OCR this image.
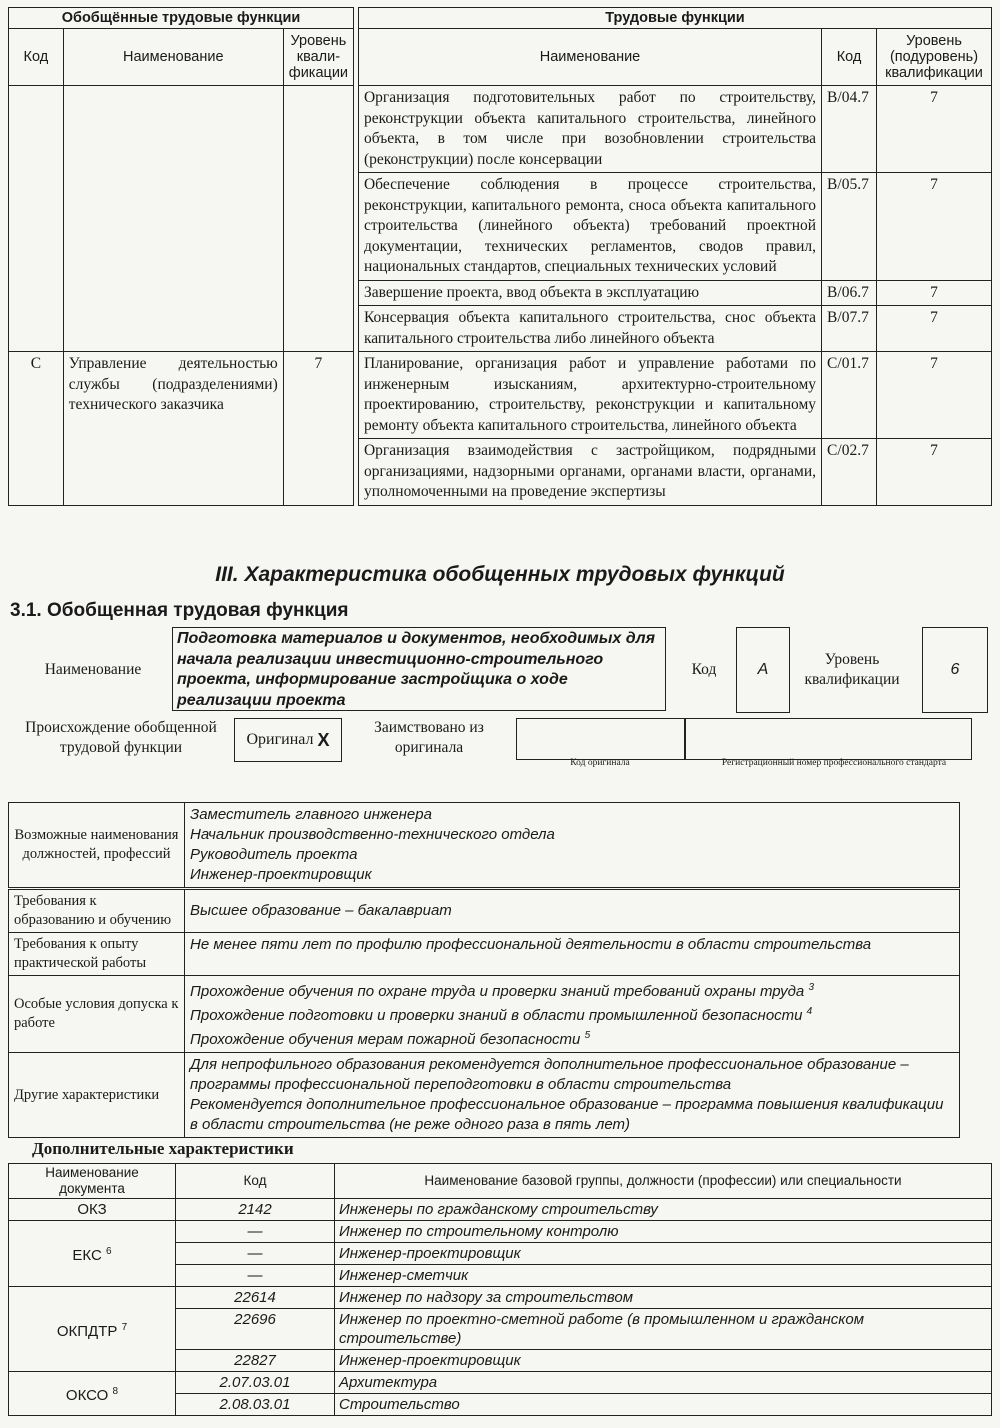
Обобщённые трудовые функции				Трудовые функции		
Код	Наименование	Уровень квали-фикации		Наименование	Код	Уровень (подуровень) квалификации
				Организация подготовительных работ по строительству, реконструкции объекта капитального строительства, линейного объекта, в том числе при возобновлении строительства (реконструкции) после консервации	B/04.7	7
				Обеспечение соблюдения в процессе строительства, реконструкции, капитального ремонта, сноса объекта капитального строительства (линейного объекта) требований проектной документации, технических регламентов, сводов правил, национальных стандартов, специальных технических условий	B/05.7	7
				Завершение проекта, ввод объекта в эксплуатацию	B/06.7	7
				Консервация объекта капитального строительства, снос объекта капитального строительства либо линейного объекта	B/07.7	7
C	Управление деятельностью службы (подразделениями) технического заказчика	7		Планирование, организация работ и управление работами по инженерным изысканиям, архитектурно-строительному проектированию, строительству, реконструкции и капитальному ремонту объекта капитального строительства, линейного объекта	C/01.7	7
				Организация взаимодействия с застройщиком, подрядными организациями, надзорными органами, органами власти, органами, уполномоченными на проведение экспертизы	C/02.7	7
III. Характеристика обобщенных трудовых функций
3.1. Обобщенная трудовая функция
Наименование
Подготовка материалов и документов, необходимых для начала реализации инвестиционно-строительного проекта, информирование застройщика о ходе реализации проекта
Код	А
Уровень квалификации
6
Происхождение обобщенной трудовой функции	Оригинал
X
Заимствовано из оригинала
Код оригинала	Регистрационный номер профессионального стандарта
Возможные наименования должностей, профессий	
Заместитель главного инженера
Начальник производственно-технического отдела
Руководитель проекта
Инженер-проектировщик
Требования к образованию и обучению	Высшее образование – бакалавриат
Требования к опыту практической работы	Не менее пяти лет по профилю профессиональной деятельности в области строительства
Особые условия допуска к работе	Прохождение обучения по охране труда и проверки знаний требований охраны труда $^3$
Прохождение подготовки и проверки знаний в области промышленной безопасности $^4$
Прохождение обучения мерам пожарной безопасности $^5$

Другие характеристики	Для непрофильного образования рекомендуется дополнительное профессиональное образование – программы профессиональной переподготовки в области строительства
Рекомендуется дополнительное профессиональное образование – программа повышения квалификации в области строительства (не реже одного раза в пять лет)
Дополнительные характеристики
Наименование документа	Код	Наименование базовой группы, должности (профессии) или специальности
ОКЗ	2142	Инженеры по гражданскому строительству
ЕКС $^6$	—	Инженер по строительному контролю
	—	Инженер-проектировщик
	—	Инженер-сметчик
ОКПДТР $^7$	22614	Инженер по надзору за строительством
	22696	Инженер по проектно-сметной работе (в промышленном и гражданском строительстве)
	22827	Инженер-проектировщик
ОКСО $^8$	2.07.03.01	Архитектура
	2.08.03.01	Строительство
